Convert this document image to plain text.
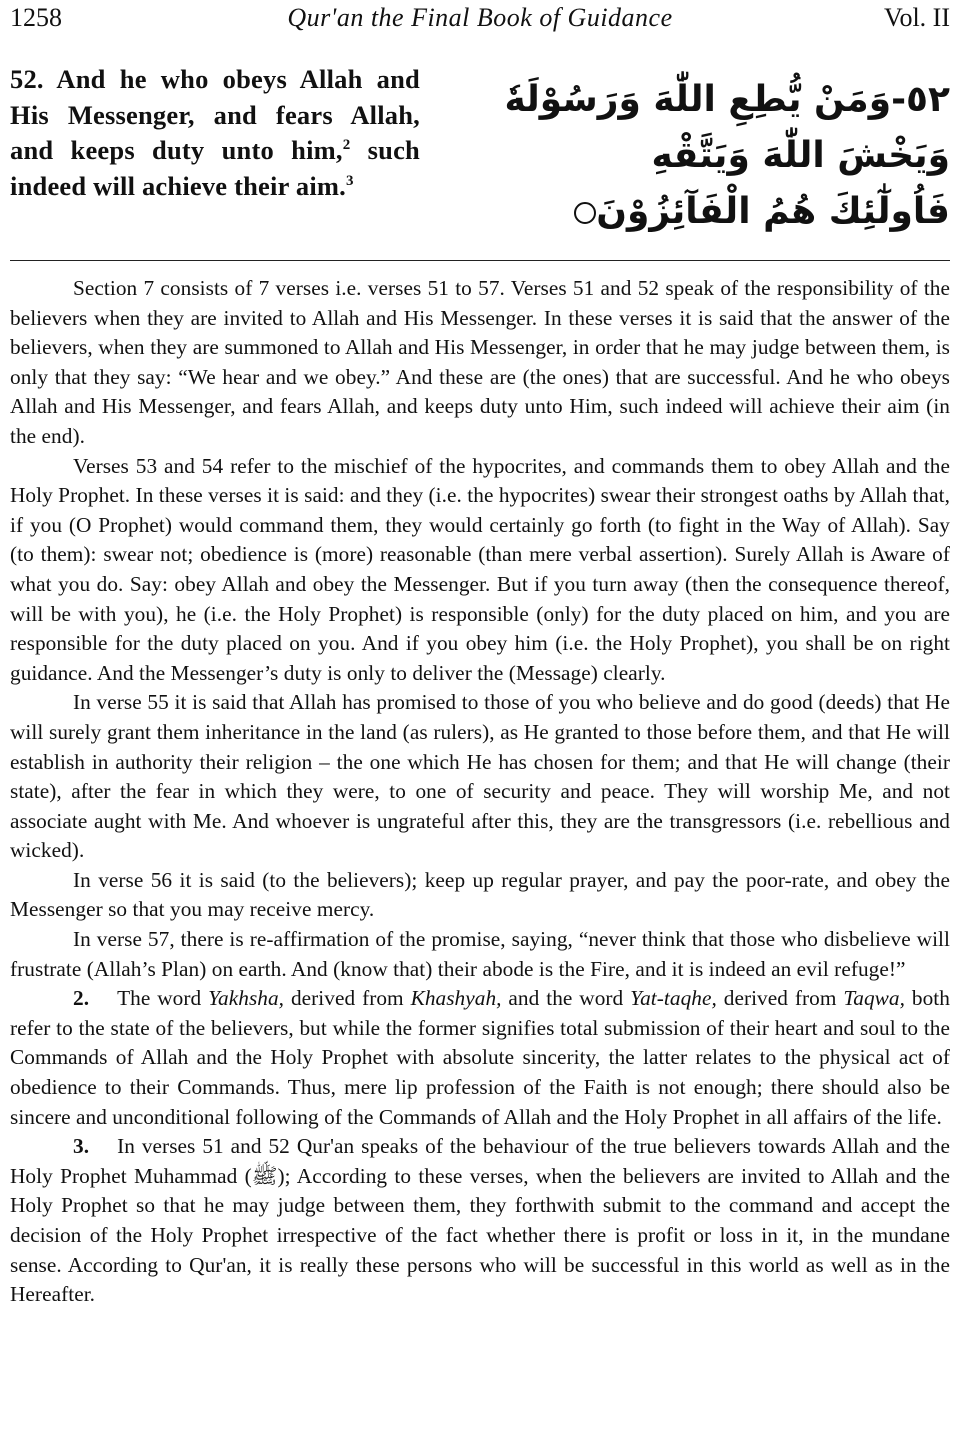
1258	Qur'an the Final Book of Guidance	Vol. II
52. And he who obeys Allah and His Messenger, and fears Allah, and keeps duty unto him,$^2$ such indeed will achieve their aim.$^3$
٥٢-وَمَنْ يُّطِعِ اللّٰهَ وَرَسُوْلَهٗ
وَيَخْشَ اللّٰهَ وَيَتَّقْهِ
فَاُولٰٓئِكَ هُمُ الْفَآئِزُوْنَ

Section 7 consists of 7 verses i.e. verses 51 to 57. Verses 51 and 52 speak of the responsibility of the believers when they are invited to Allah and His Messenger. In these verses it is said that the answer of the believers, when they are summoned to Allah and His Messenger, in order that he may judge between them, is only that they say: “We hear and we obey.” And these are (the ones) that are successful. And he who obeys Allah and His Messenger, and fears Allah, and keeps duty unto Him, such indeed will achieve their aim (in the end).

Verses 53 and 54 refer to the mischief of the hypocrites, and commands them to obey Allah and the Holy Prophet. In these verses it is said: and they (i.e. the hypocrites) swear their strongest oaths by Allah that, if you (O Prophet) would command them, they would certainly go forth (to fight in the Way of Allah). Say (to them): swear not; obedience is (more) reasonable (than mere verbal assertion). Surely Allah is Aware of what you do. Say: obey Allah and obey the Messenger. But if you turn away (then the consequence thereof, will be with you), he (i.e. the Holy Prophet) is responsible (only) for the duty placed on him, and you are responsible for the duty placed on you. And if you obey him (i.e. the Holy Prophet), you shall be on right guidance. And the Messenger’s duty is only to deliver the (Message) clearly.

In verse 55 it is said that Allah has promised to those of you who believe and do good (deeds) that He will surely grant them inheritance in the land (as rulers), as He granted to those before them, and that He will establish in authority their religion – the one which He has chosen for them; and that He will change (their state), after the fear in which they were, to one of security and peace. They will worship Me, and not associate aught with Me. And whoever is ungrateful after this, they are the transgressors (i.e. rebellious and wicked).

In verse 56 it is said (to the believers); keep up regular prayer, and pay the poor-rate, and obey the Messenger so that you may receive mercy.

In verse 57, there is re-affirmation of the promise, saying, “never think that those who disbelieve will frustrate (Allah’s Plan) on earth. And (know that) their abode is the Fire, and it is indeed an evil refuge!”

2. The word Yakhsha, derived from Khashyah, and the word Yat-taqhe, derived from Taqwa, both refer to the state of the believers, but while the former signifies total submission of their heart and soul to the Commands of Allah and the Holy Prophet with absolute sincerity, the latter relates to the physical act of obedience to their Commands. Thus, mere lip profession of the Faith is not enough; there should also be sincere and unconditional following of the Commands of Allah and the Holy Prophet in all affairs of the life.

3. In verses 51 and 52 Qur'an speaks of the behaviour of the true believers towards Allah and the Holy Prophet Muhammad (ﷺ); According to these verses, when the believers are invited to Allah and the Holy Prophet so that he may judge between them, they forthwith submit to the command and accept the decision of the Holy Prophet irrespective of the fact whether there is profit or loss in it, in the mundane sense. According to Qur'an, it is really these persons who will be successful in this world as well as in the Hereafter.
